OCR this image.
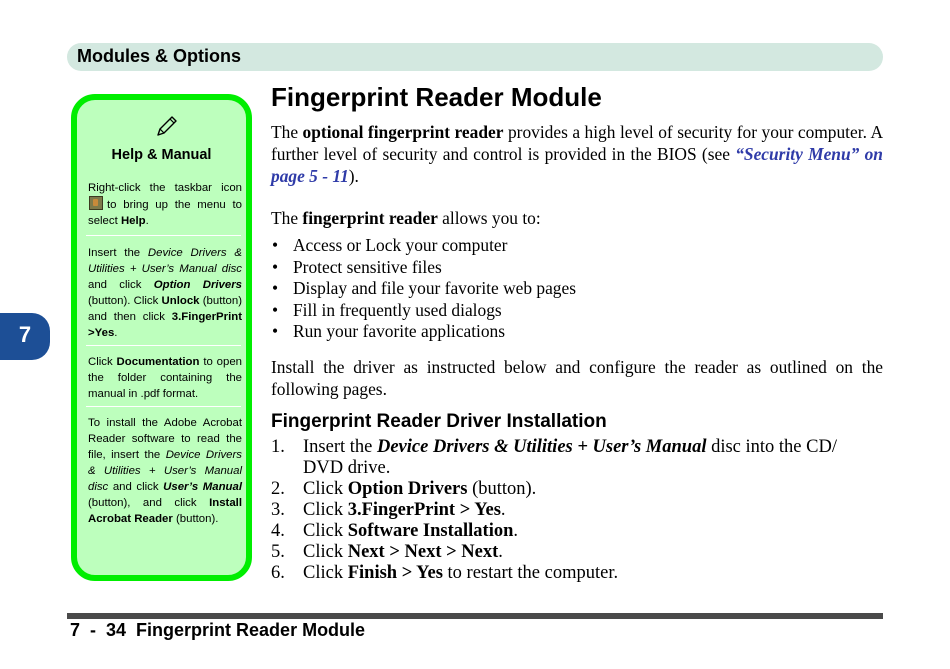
Modules & Options
7
Help & Manual
Right-click the taskbar icon to bring up the menu to select Help.
Insert the Device Drivers & Utilities + User’s Manual disc and click Option Drivers (button). Click Unlock (button) and then click 3.FingerPrint >Yes.
Click Documentation to open the folder containing the manual in .pdf format.
To install the Adobe Acrobat Reader software to read the file, insert the Device Drivers & Utilities + User’s Manual disc and click User’s Manual (button), and click Install Acrobat Reader (button).
Fingerprint Reader Module
The optional fingerprint reader provides a high level of security for your computer. A further level of security and control is provided in the BIOS (see “Security Menu” on page 5 - 11).
The fingerprint reader allows you to:
• Access or Lock your computer
• Protect sensitive files
• Display and file your favorite web pages
• Fill in frequently used dialogs
• Run your favorite applications
Install the driver as instructed below and configure the reader as outlined on the following pages.
Fingerprint Reader Driver Installation
1. Insert the Device Drivers & Utilities + User’s Manual disc into the CD/
DVD drive.
2. Click Option Drivers (button).
3. Click 3.FingerPrint > Yes.
4. Click Software Installation.
5. Click Next > Next > Next.
6. Click Finish > Yes to restart the computer.
7  -  34 Fingerprint Reader Module
